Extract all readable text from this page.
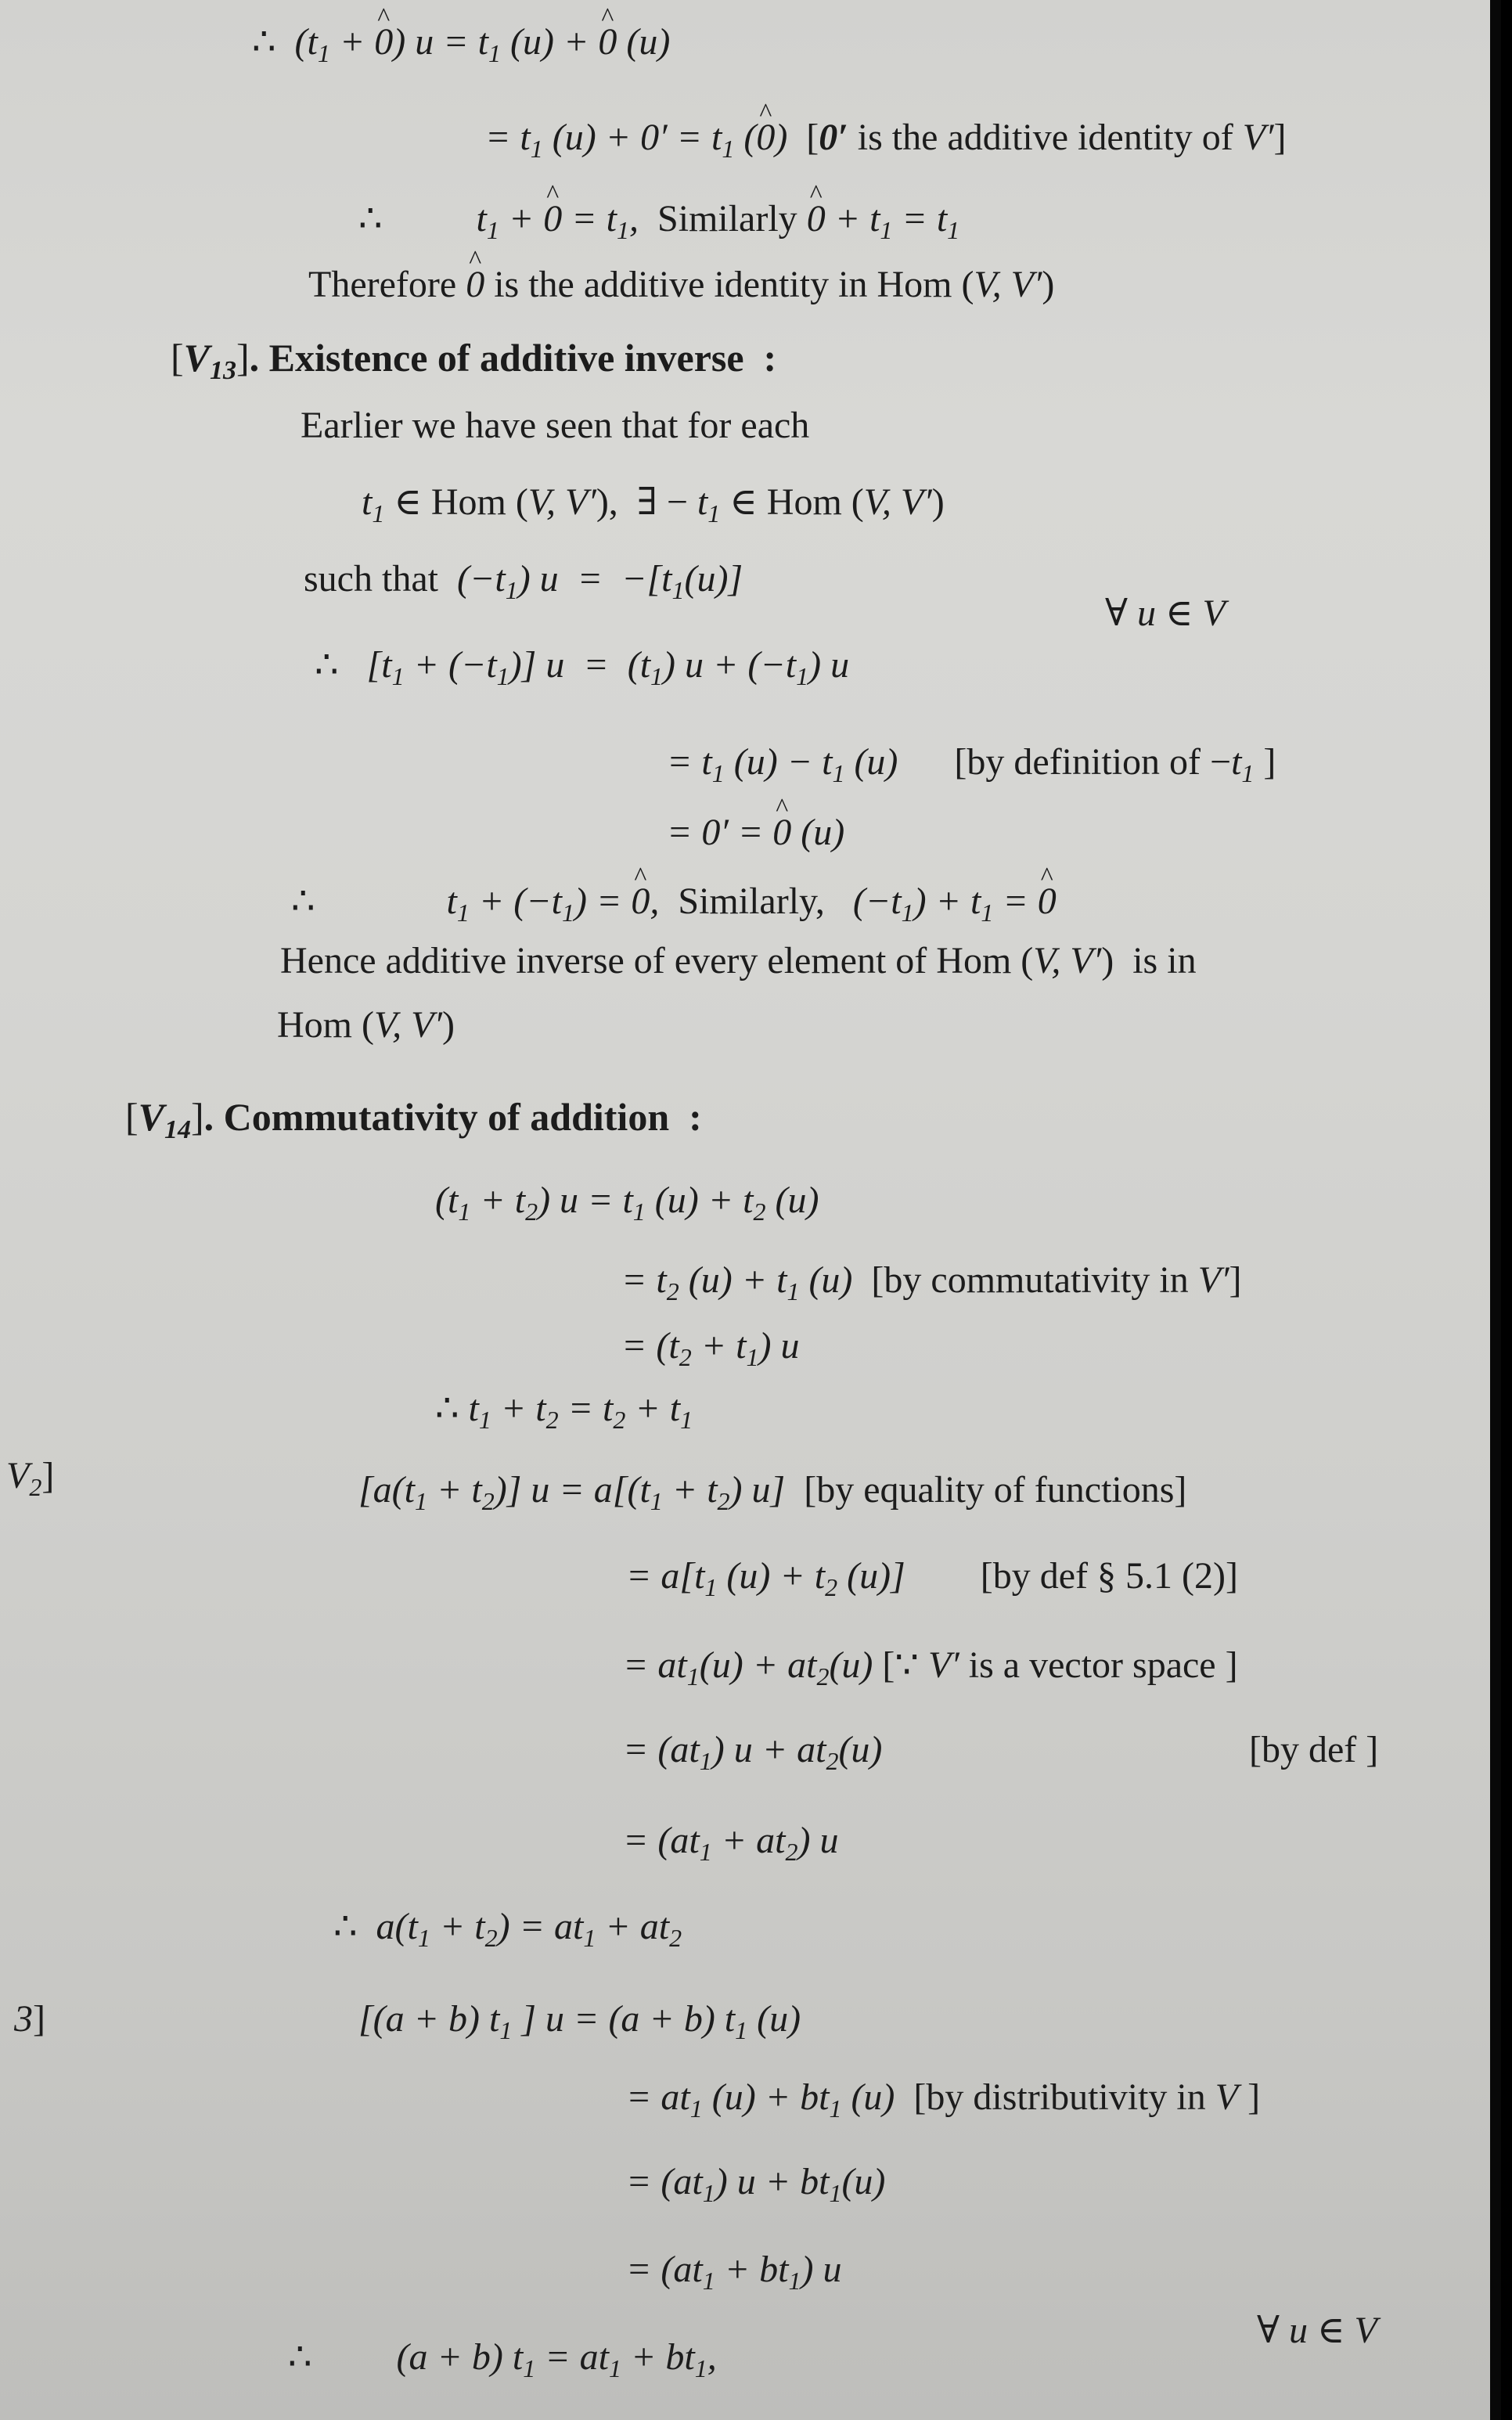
∴  ($t_1$ + ^ 0) $u = t_1$ (u) + ^ 0 (u)
= $t_1$ $(u) + 0' = t_1$ (^ 0)  [0′ is the additive identity of V′]
∴          $t_1$ + ^ $0 = t_1$,  Similarly ^ $0 + t_1 = t_1$
Therefore ^ 0 is the additive identity in Hom (V, V′)
$[V_{13}]$. Existence of additive inverse  :
Earlier we have seen that for each
$t_1$ ∈ Hom (V, V′),  ∃ − $t_1$ ∈ Hom (V, V′)
such that  $(-t_1) u = -[t_1(u)]$
∀ u ∈ V
∴   $[t_1 + (-t_1)] u = (t_1) u + (-t_1)$ u
= $t_1$ $(u) - t_1$ (u)      [by definition of $-t_1$ ]
= 0′ = ^ 0 (u)
∴              $t_1 + (-t_1)$ = ^ 0,  Similarly,   $(-t_1) + t_1$ = ^ 0
Hence additive inverse of every element of Hom (V, V′)  is in
Hom (V, V′)
$[V_{14}]$. Commutativity of addition  :
$(t_1 + t_2) u = t_1$ $(u) + t_2$ (u)
= $t_2$ $(u) + t_1$ (u)  [by commutativity in V′]
= $(t_2 + t_1)$ u
∴ $t_1 + t_2 = t_2 + t_1$
$V_2$]	$[a(t_1 + t_2)] u = a[(t_1 + t_2)$ u]  [by equality of functions]
= $a[t_1$ $(u) + t_2$ (u)]        [by def § 5.1 (2)]
= $at_1(u) + at_2(u)$ [∵ V′ is a vector space ]
= $(at_1) u + at_2(u)$	[by def ]
= $(at_1 + at_2)$ u
∴  $a(t_1 + t_2) = at_1 + at_2$
3]	[(a + b) $t_1$ ] u = (a + b) $t_1$ (u)
= $at_1$ $(u) + bt_1$ (u)  [by distributivity in V ]
= $(at_1) u + bt_1(u)$
= $(at_1 + bt_1)$ u
∴         (a + b) $t_1 = at_1 + bt_1$,
∀ u ∈ V
